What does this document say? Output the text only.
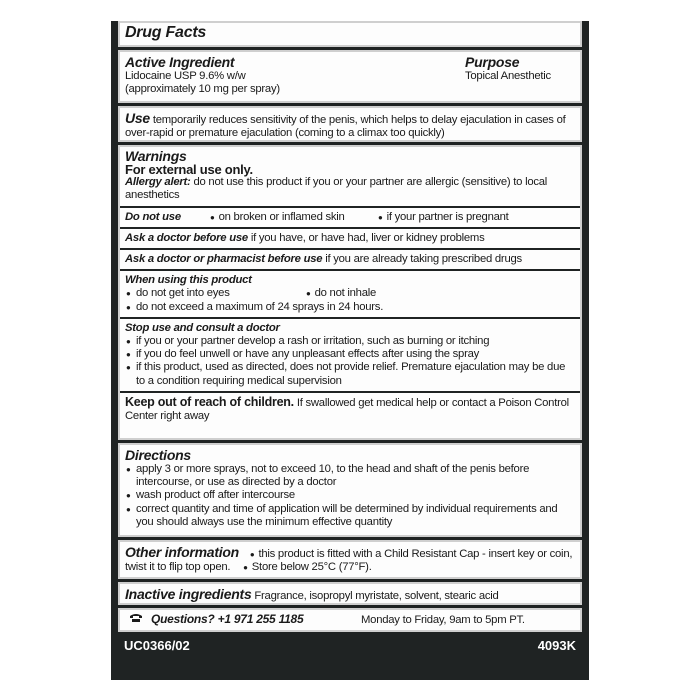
Drug Facts
Active Ingredient
Lidocaine USP 9.6% w/w
(approximately 10 mg per spray)
Purpose
Topical Anesthetic
Use temporarily reduces sensitivity of the penis, which helps to delay ejaculation in cases of over-rapid or premature ejaculation (coming to a climax too quickly)
Warnings
For external use only.
Allergy alert: do not use this product if you or your partner are allergic (sensitive) to local anesthetics
Do not use	● on broken or inflamed skin	● if your partner is pregnant
Ask a doctor before use if you have, or have had, liver or kidney problems
Ask a doctor or pharmacist before use if you are already taking prescribed drugs
When using this product
● do not get into eyes	● do not inhale
● do not exceed a maximum of 24 sprays in 24 hours.
Stop use and consult a doctor
● if you or your partner develop a rash or irritation, such as burning or itching
● if you do feel unwell or have any unpleasant effects after using the spray
● if this product, used as directed, does not provide relief. Premature ejaculation may be due to a condition requiring medical supervision
Keep out of reach of children. If swallowed get medical help or contact a Poison Control Center right away
Directions
● apply 3 or more sprays, not to exceed 10, to the head and shaft of the penis before intercourse, or use as directed by a doctor
● wash product off after intercourse
● correct quantity and time of application will be determined by individual requirements and you should always use the minimum effective quantity
Other information ● this product is fitted with a Child Resistant Cap - insert key or coin, twist it to flip top open. ● Store below 25°C (77°F).
Inactive ingredients Fragrance, isopropyl myristate, solvent, stearic acid
Questions? +1 971 255 1185	Monday to Friday, 9am to 5pm PT.
UC0366/02	4093K
